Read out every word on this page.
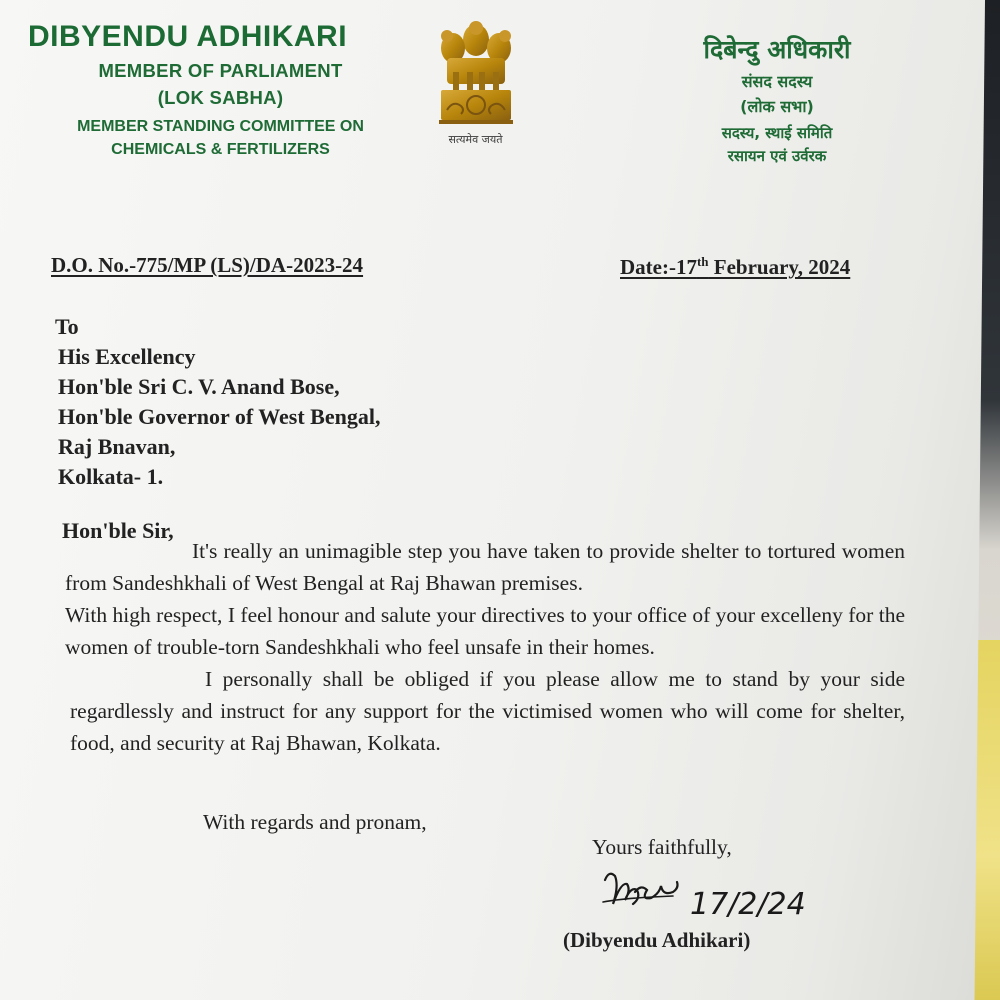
DIBYENDU ADHIKARI
MEMBER OF PARLIAMENT
(LOK SABHA)
MEMBER STANDING COMMITTEE ON
CHEMICALS & FERTILIZERS
सत्यमेव जयते
दिबेन्दु अधिकारी
संसद सदस्य
(लोक सभा)
सदस्य, स्थाई समिति
रसायन एवं उर्वरक
D.O. No.-775/MP (LS)/DA-2023-24	Date:-17th February, 2024
To
His Excellency
Hon'ble Sri C. V. Anand Bose,
Hon'ble Governor of West Bengal,
Raj Bnavan,
Kolkata- 1.
Hon'ble Sir,

It's really an unimagible step you have taken to provide shelter to tortured women from Sandeshkhali of West Bengal at Raj Bhawan premises.

With high respect, I feel honour and salute your directives to your office of your excelleny for the women of trouble-torn Sandeshkhali who feel unsafe in their homes.

I personally shall be obliged if you please allow me to stand by your side regardlessly and instruct for any support for the victimised women who will come for shelter, food, and security at Raj Bhawan, Kolkata.

With regards and pronam,
Yours faithfully,
17/2/24
(Dibyendu Adhikari)
